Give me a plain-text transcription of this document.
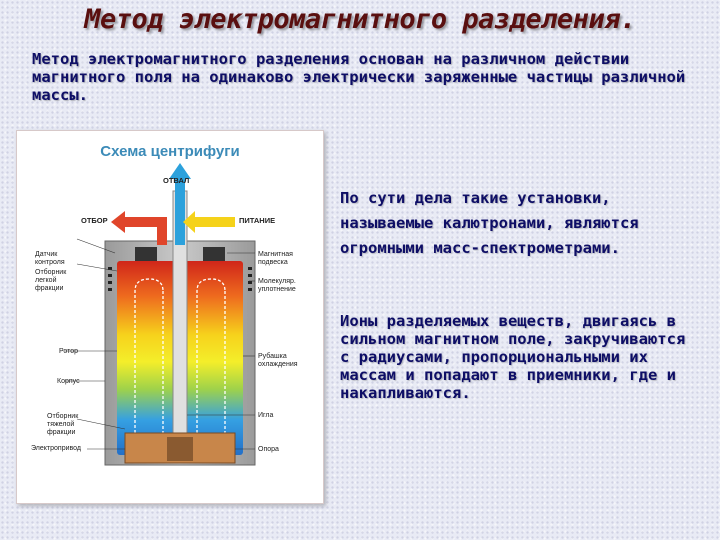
Метод электромагнитного разделения.
Метод электромагнитного разделения основан на различном действии магнитного поля на одинаково электрически заряженные частицы различной массы.
Схема центрифуги
ОТВАЛ
ОТБОР	ПИТАНИЕ
Датчик
контроля
Отборник
легкой
фракции
Ротор
Корпус
Отборник
тяжелой
фракции
Электропривод
Магнитная
подвеска
Молекуляр.
уплотнение
Рубашка
охлаждения
Игла
Опора
По сути дела такие установки, называемые калютронами, являются огромными масс-спектрометрами.
Ионы разделяемых веществ, двигаясь в сильном магнитном поле, закручиваются с радиусами, пропорциональными их массам и попадают в приемники, где и накапливаются.
